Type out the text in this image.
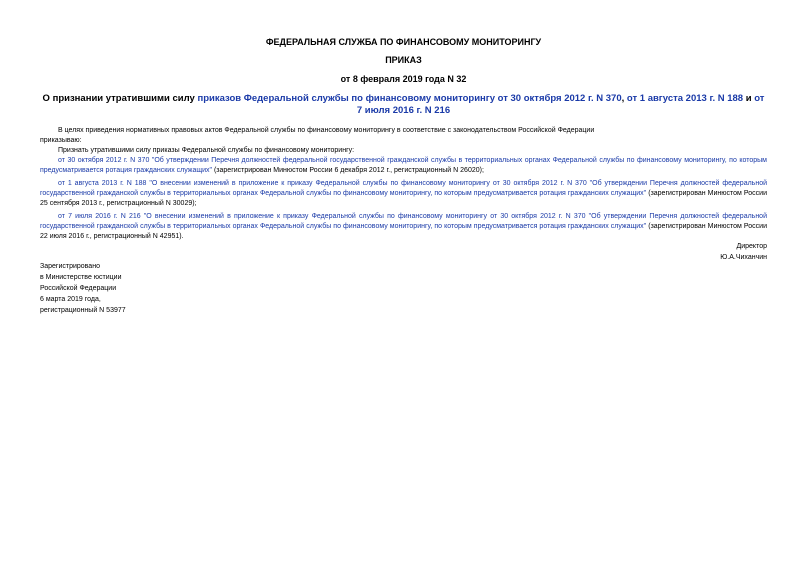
ФЕДЕРАЛЬНАЯ СЛУЖБА ПО ФИНАНСОВОМУ МОНИТОРИНГУ
ПРИКАЗ
от 8 февраля 2019 года N 32
О признании утратившими силу приказов Федеральной службы по финансовому мониторингу от 30 октября 2012 г. N 370, от 1 августа 2013 г. N 188 и от 7 июля 2016 г. N 216

В целях приведения нормативных правовых актов Федеральной службы по финансовому мониторингу в соответствие с законодательством Российской Федерации

приказываю:

Признать утратившими силу приказы Федеральной службы по финансовому мониторингу:

от 30 октября 2012 г. N 370 "Об утверждении Перечня должностей федеральной государственной гражданской службы в территориальных органах Федеральной службы по финансовому мониторингу, по которым предусматривается ротация гражданских служащих" (зарегистрирован Минюстом России 6 декабря 2012 г., регистрационный N 26020);

от 1 августа 2013 г. N 188 "О внесении изменений в приложение к приказу Федеральной службы по финансовому мониторингу от 30 октября 2012 г. N 370 "Об утверждении Перечня должностей федеральной государственной гражданской службы в территориальных органах Федеральной службы по финансовому мониторингу, по которым предусматривается ротация гражданских служащих" (зарегистрирован Минюстом России 25 сентября 2013 г., регистрационный N 30029);

от 7 июля 2016 г. N 216 "О внесении изменений в приложение к приказу Федеральной службы по финансовому мониторингу от 30 октября 2012 г. N 370 "Об утверждении Перечня должностей федеральной государственной гражданской службы в территориальных органах Федеральной службы по финансовому мониторингу, по которым предусматривается ротация гражданских служащих" (зарегистрирован Минюстом России 22 июля 2016 г., регистрационный N 42951).

Директор
Ю.А.Чиханчин
Зарегистрировано
в Министерстве юстиции
Российской Федерации
6 марта 2019 года,
регистрационный N 53977
